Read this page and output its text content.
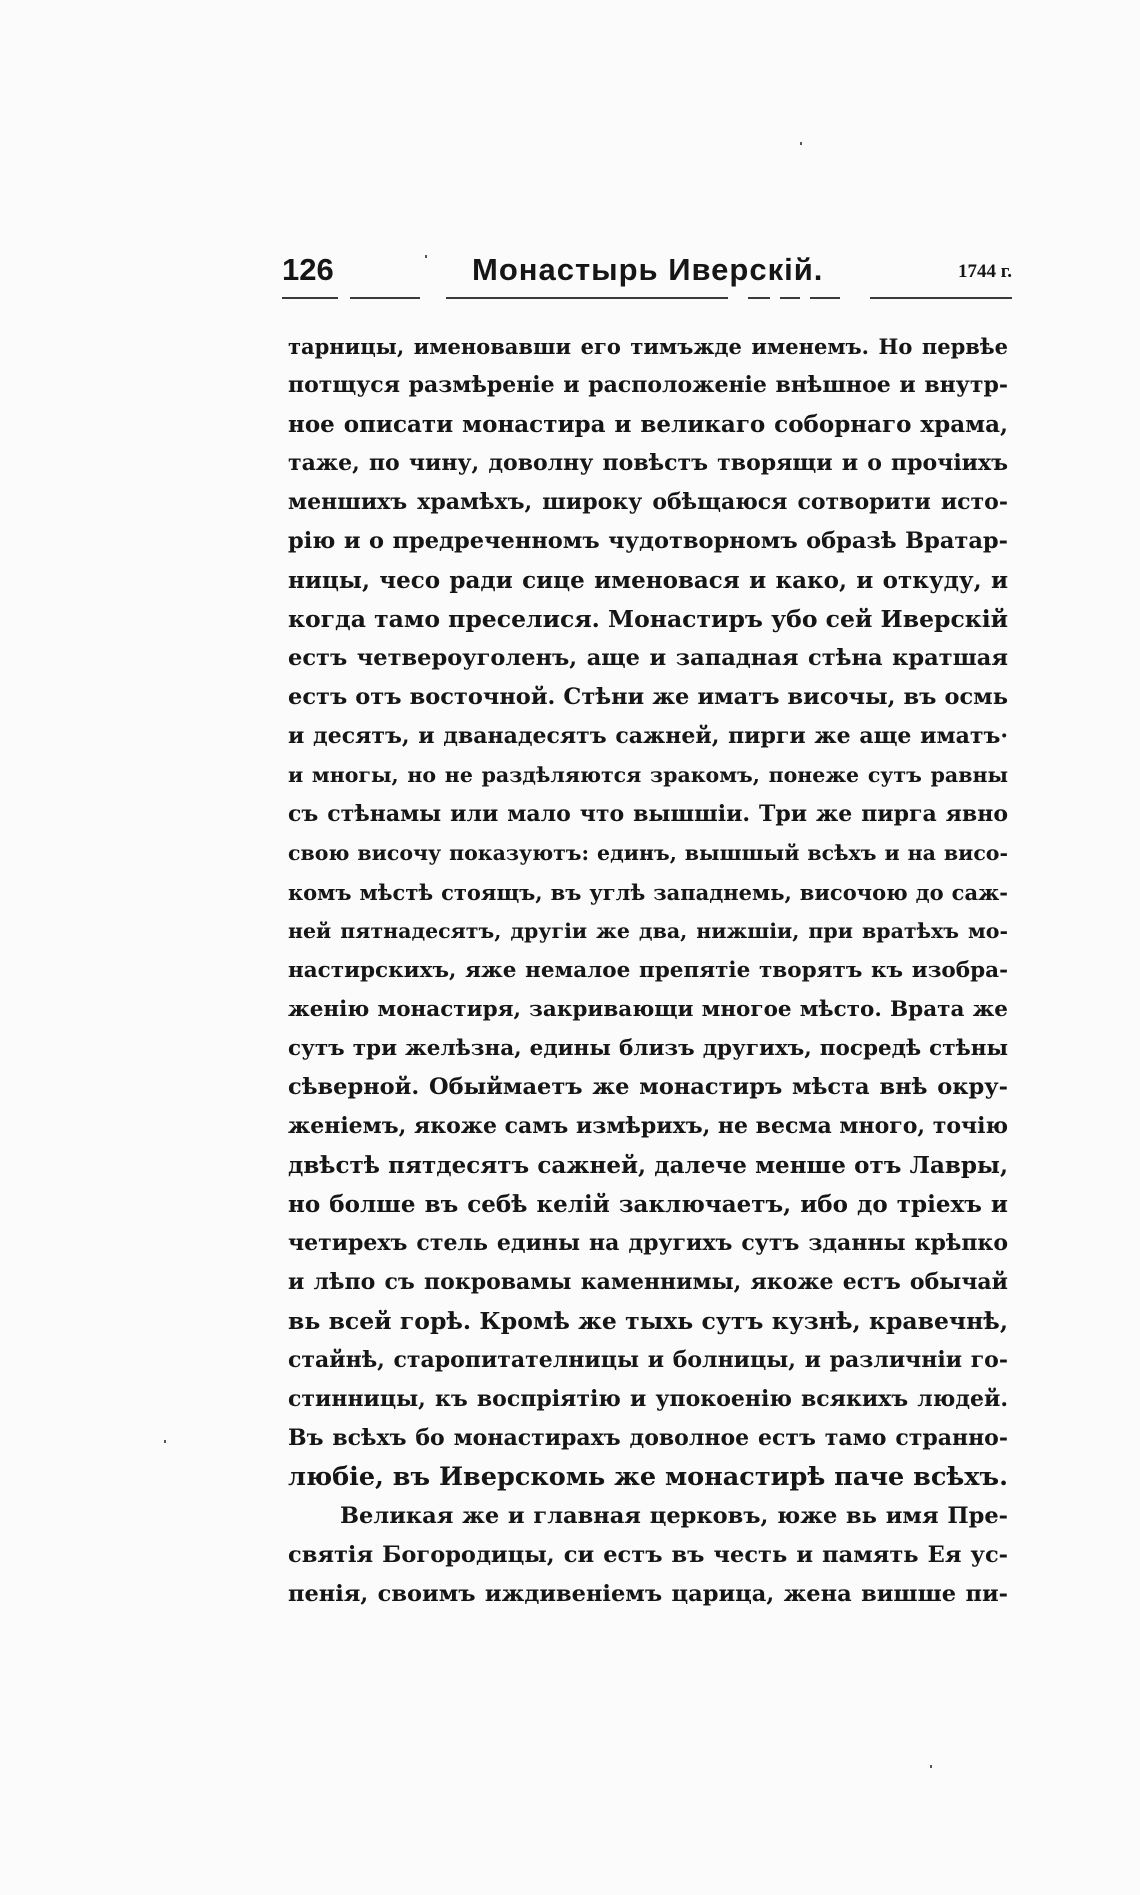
126	Монастырь Иверскій.	1744 г.
тарницы, именовавши его тимъжде именемъ. Но первѣе
потщуся размѣреніе и расположеніе внѣшное и внутр-
ное описати монастира и великаго соборнаго храма,
таже, по чину, доволну повѣстъ творящи и о прочіихъ
меншихъ храмѣхъ, широку обѣщаюся сотворити исто-
рію и о предреченномъ чудотворномъ образѣ Вратар-
ницы, чесо ради сице именовася и како, и откуду, и
когда тамо преселися. Монастиръ убо сей Иверскій
естъ четвероуголенъ, аще и западная стѣна кратшая
естъ отъ восточной. Стѣни же иматъ височы, въ осмь
и десятъ, и дванадесятъ сажней, пирги же аще иматъ·
и многы, но не раздѣляются зракомъ, понеже сутъ равны
съ стѣнамы или мало что вышшіи. Три же пирга явно
свою височу показуютъ: единъ, вышшый всѣхъ и на висо-
комъ мѣстѣ стоящъ, въ углѣ западнемь, височою до саж-
ней пятнадесятъ, другіи же два, нижшіи, при вратѣхъ мо-
настирскихъ, яже немалое препятіе творятъ къ изобра-
женію монастиря, закривающи многое мѣсто. Врата же
сутъ три желѣзна, едины близъ другихъ, посредѣ стѣны
сѣверной. Обыймаетъ же монастиръ мѣста внѣ окру-
женіемъ, якоже самъ измѣрихъ, не весма много, точію
двѣстѣ пятдесятъ сажней, далече менше отъ Лавры,
но болше въ себѣ келій заключаетъ, ибо до тріехъ и
четирехъ стель едины на другихъ сутъ зданны крѣпко
и лѣпо съ покровамы каменнимы, якоже естъ обычай
вь всей горѣ. Кромѣ же тыхь сутъ кузнѣ, кравечнѣ,
стайнѣ, старопитателницы и болницы, и различніи го-
стинницы, къ воспріятію и упокоенію всякихъ людей.
Въ всѣхъ бо монастирахъ доволное естъ тамо странно-
любіе, въ Иверскомь же монастирѣ паче всѣхъ.
Великая же и главная церковъ, юже вь имя Пре-
святія Богородицы, си естъ въ честь и память Ея ус-
пенія, своимъ иждивеніемъ царица, жена вишше пи-
